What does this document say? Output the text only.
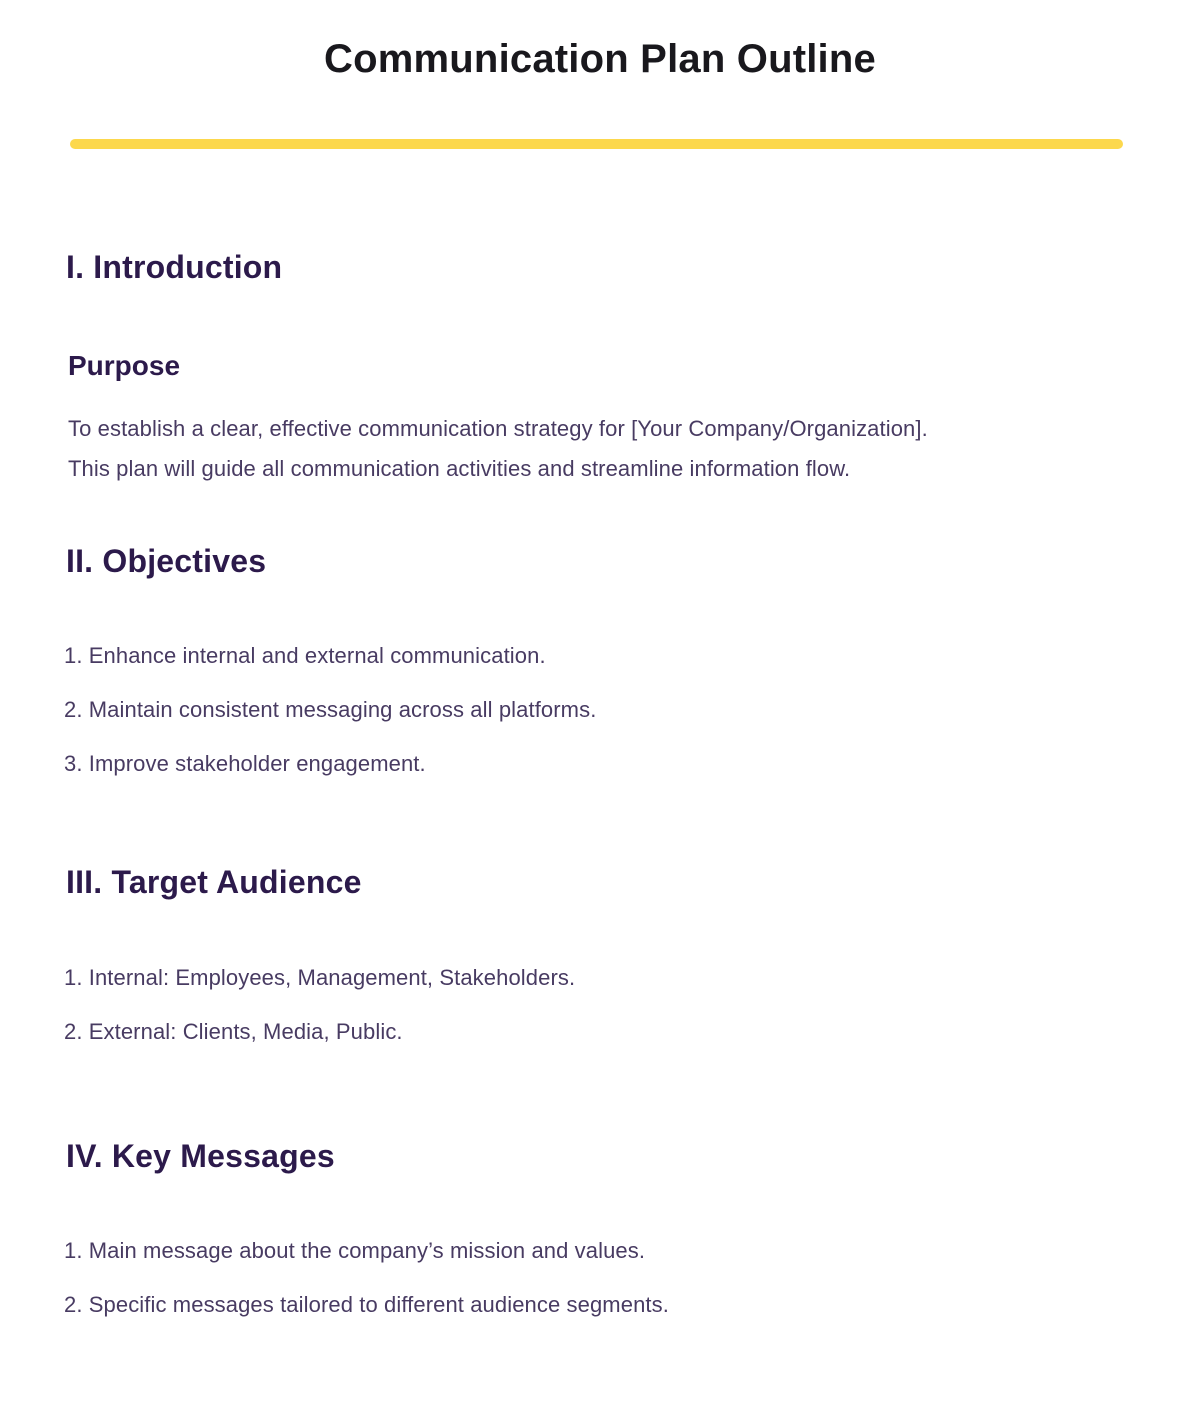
Communication Plan Outline
I. Introduction
Purpose

To establish a clear, effective communication strategy for [Your Company/Organization].
This plan will guide all communication activities and streamline information flow.

II. Objectives
1. Enhance internal and external communication.
2. Maintain consistent messaging across all platforms.
3. Improve stakeholder engagement.
III. Target Audience
1. Internal: Employees, Management, Stakeholders.
2. External: Clients, Media, Public.
IV. Key Messages
1. Main message about the company’s mission and values.
2. Specific messages tailored to different audience segments.
